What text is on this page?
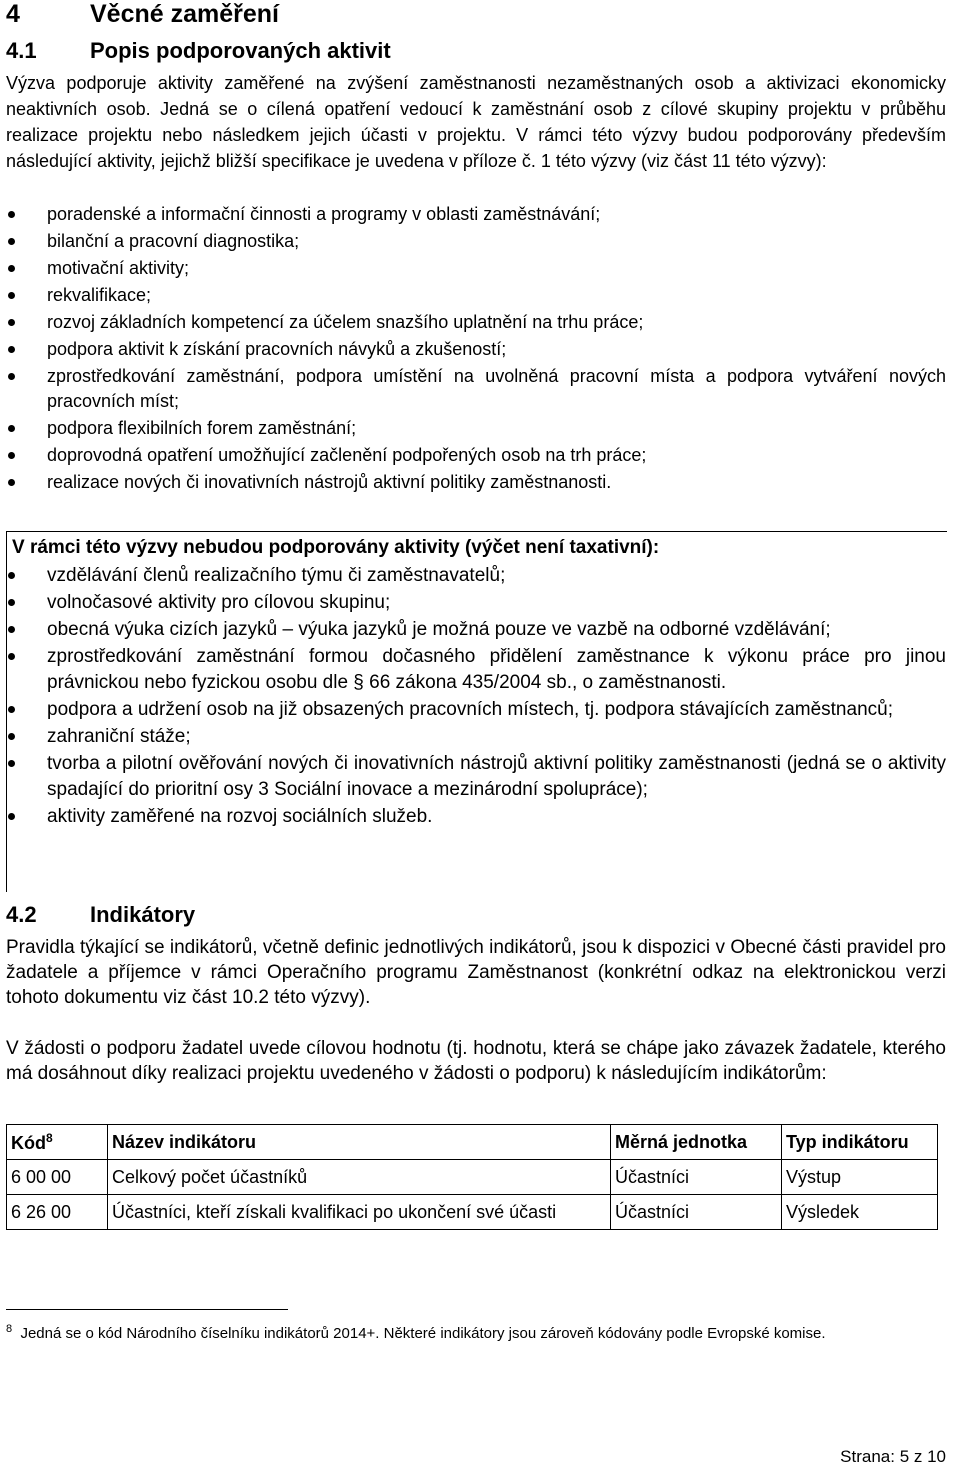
4	Věcné zaměření
4.1 Popis podporovaných aktivit

Výzva podporuje aktivity zaměřené na zvýšení zaměstnanosti nezaměstnaných osob a aktivizaci ekonomicky neaktivních osob. Jedná se o cílená opatření vedoucí k zaměstnání osob z cílové skupiny projektu v průběhu realizace projektu nebo následkem jejich účasti v projektu. V rámci této výzvy budou podporovány především následující aktivity, jejichž bližší specifikace je uvedena v příloze č. 1 této výzvy (viz část 11 této výzvy):

poradenské a informační činnosti a programy v oblasti zaměstnávání;
bilanční a pracovní diagnostika;
motivační aktivity;
rekvalifikace;
rozvoj základních kompetencí za účelem snazšího uplatnění na trhu práce;
podpora aktivit k získání pracovních návyků a zkušeností;
zprostředkování zaměstnání, podpora umístění na uvolněná pracovní místa a podpora vytváření nových pracovních míst;
podpora flexibilních forem zaměstnání;
doprovodná opatření umožňující začlenění podpořených osob na trh práce;
realizace nových či inovativních nástrojů aktivní politiky zaměstnanosti.
V rámci této výzvy nebudou podporovány aktivity (výčet není taxativní):
vzdělávání členů realizačního týmu či zaměstnavatelů;
volnočasové aktivity pro cílovou skupinu;
obecná výuka cizích jazyků – výuka jazyků je možná pouze ve vazbě na odborné vzdělávání;
zprostředkování zaměstnání formou dočasného přidělení zaměstnance k výkonu práce pro jinou právnickou nebo fyzickou osobu dle § 66 zákona 435/2004 sb., o zaměstnanosti.
podpora a udržení osob na již obsazených pracovních místech, tj. podpora stávajících zaměstnanců;
zahraniční stáže;
tvorba a pilotní ověřování nových či inovativních nástrojů aktivní politiky zaměstnanosti (jedná se o aktivity spadající do prioritní osy 3 Sociální inovace a mezinárodní spolupráce);
aktivity zaměřené na rozvoj sociálních služeb.
4.2 Indikátory

Pravidla týkající se indikátorů, včetně definic jednotlivých indikátorů, jsou k dispozici v Obecné části pravidel pro žadatele a příjemce v rámci Operačního programu Zaměstnanost (konkrétní odkaz na elektronickou verzi tohoto dokumentu viz část 10.2 této výzvy).

V žádosti o podporu žadatel uvede cílovou hodnotu (tj. hodnotu, která se chápe jako závazek žadatele, kterého má dosáhnout díky realizaci projektu uvedeného v žádosti o podporu) k následujícím indikátorům:

Kód$^8$	Název indikátoru	Měrná jednotka	Typ indikátoru
6 00 00	Celkový počet účastníků	Účastníci	Výstup
6 26 00	Účastníci, kteří získali kvalifikaci po ukončení své účasti	Účastníci	Výsledek

$^8$ Jedná se o kód Národního číselníku indikátorů 2014+. Některé indikátory jsou zároveň kódovány podle Evropské komise.

Strana: 5 z 10
